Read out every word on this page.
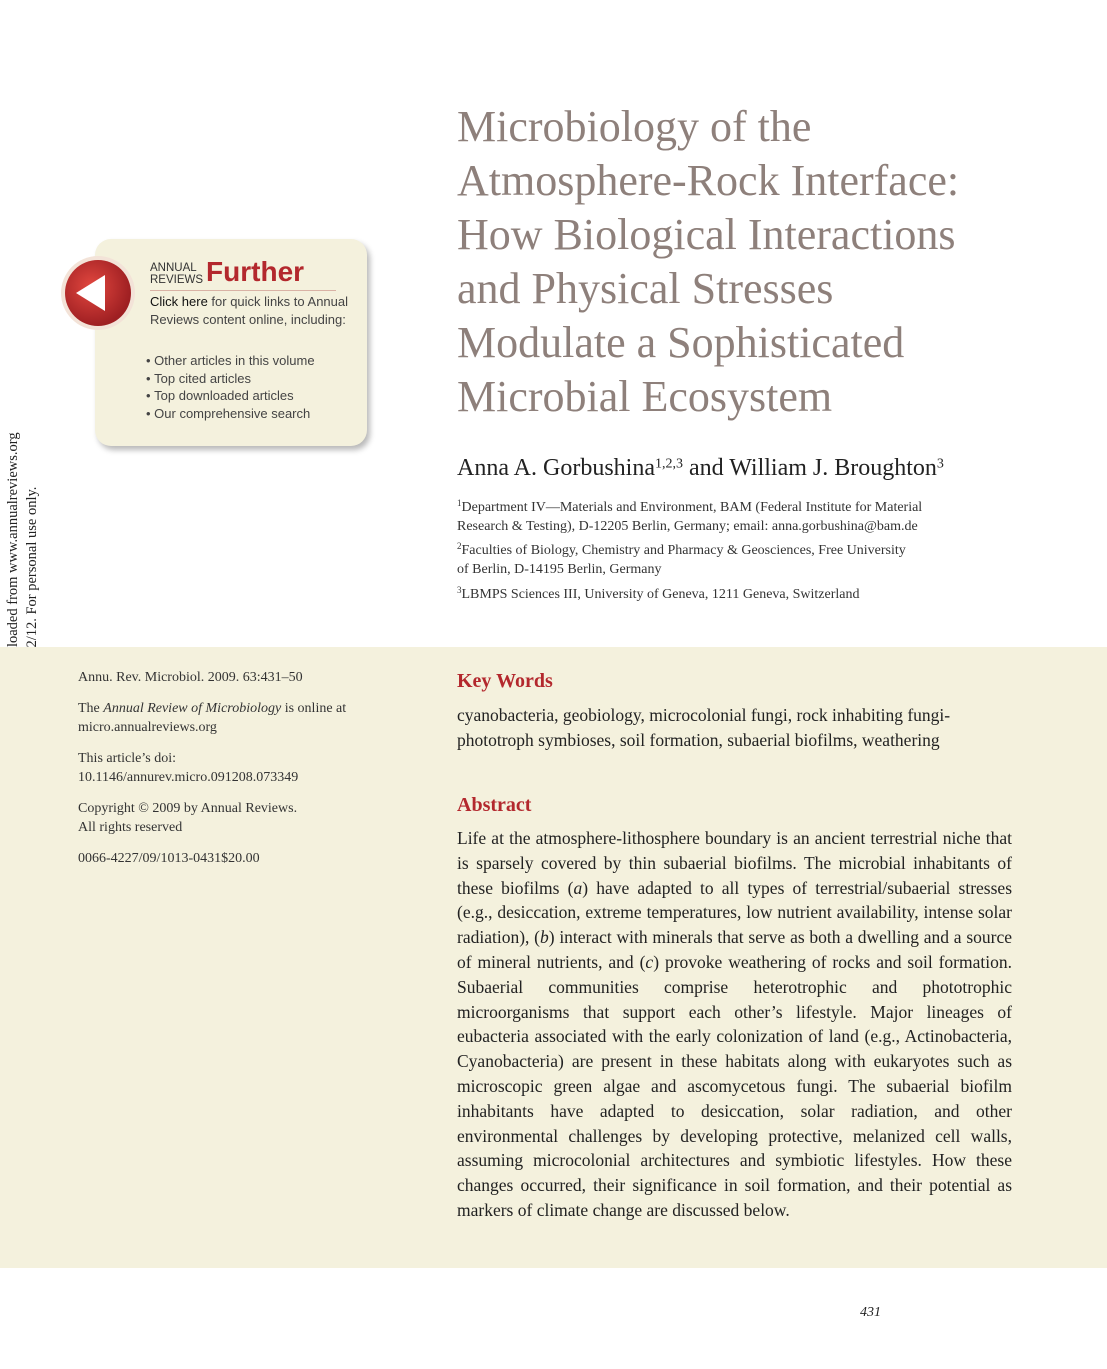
ANNUAL
REVIEWS Further
Click here for quick links to Annual Reviews content online, including:
• Other articles in this volume
• Top cited articles
• Top downloaded articles
• Our comprehensive search
Microbiology of the
Atmosphere-Rock Interface:
How Biological Interactions
and Physical Stresses
Modulate a Sophisticated
Microbial Ecosystem
Anna A. Gorbushina$^{1,2,3}$ and William J. Broughton$^3$
$^1$Department IV—Materials and Environment, BAM (Federal Institute for Material
Research & Testing), D-12205 Berlin, Germany; email: anna.gorbushina@bam.de
$^2$Faculties of Biology, Chemistry and Pharmacy & Geosciences, Free University
of Berlin, D-14195 Berlin, Germany
$^3$LBMPS Sciences III, University of Geneva, 1211 Geneva, Switzerland

Annu. Rev. Microbiol. 2009. 63:431–50

The Annual Review of Microbiology is online at
micro.annualreviews.org

This article’s doi:
10.1146/annurev.micro.091208.073349

Copyright © 2009 by Annual Reviews.
All rights reserved

0066-4227/09/1013-0431$20.00

Key Words
cyanobacteria, geobiology, microcolonial fungi, rock inhabiting fungi-phototroph symbioses, soil formation, subaerial biofilms, weathering
Abstract
Life at the atmosphere-lithosphere boundary is an ancient terrestrial niche that is sparsely covered by thin subaerial biofilms. The microbial inhabitants of these biofilms (a) have adapted to all types of terrestrial/subaerial stresses (e.g., desiccation, extreme temperatures, low nutrient availability, intense solar radiation), (b) interact with minerals that serve as both a dwelling and a source of mineral nutrients, and (c) provoke weathering of rocks and soil formation. Subaerial communities comprise heterotrophic and phototrophic microorganisms that support each other’s lifestyle. Major lineages of eubacteria associated with the early colonization of land (e.g., Actinobacteria, Cyanobacteria) are present in these habitats along with eukaryotes such as microscopic green algae and ascomycetous fungi. The subaerial biofilm inhabitants have adapted to desiccation, solar radiation, and other environmental challenges by developing protective, melanized cell walls, assuming microcolonial architectures and symbiotic lifestyles. How these changes occurred, their significance in soil formation, and their potential as markers of climate change are discussed below.
431
